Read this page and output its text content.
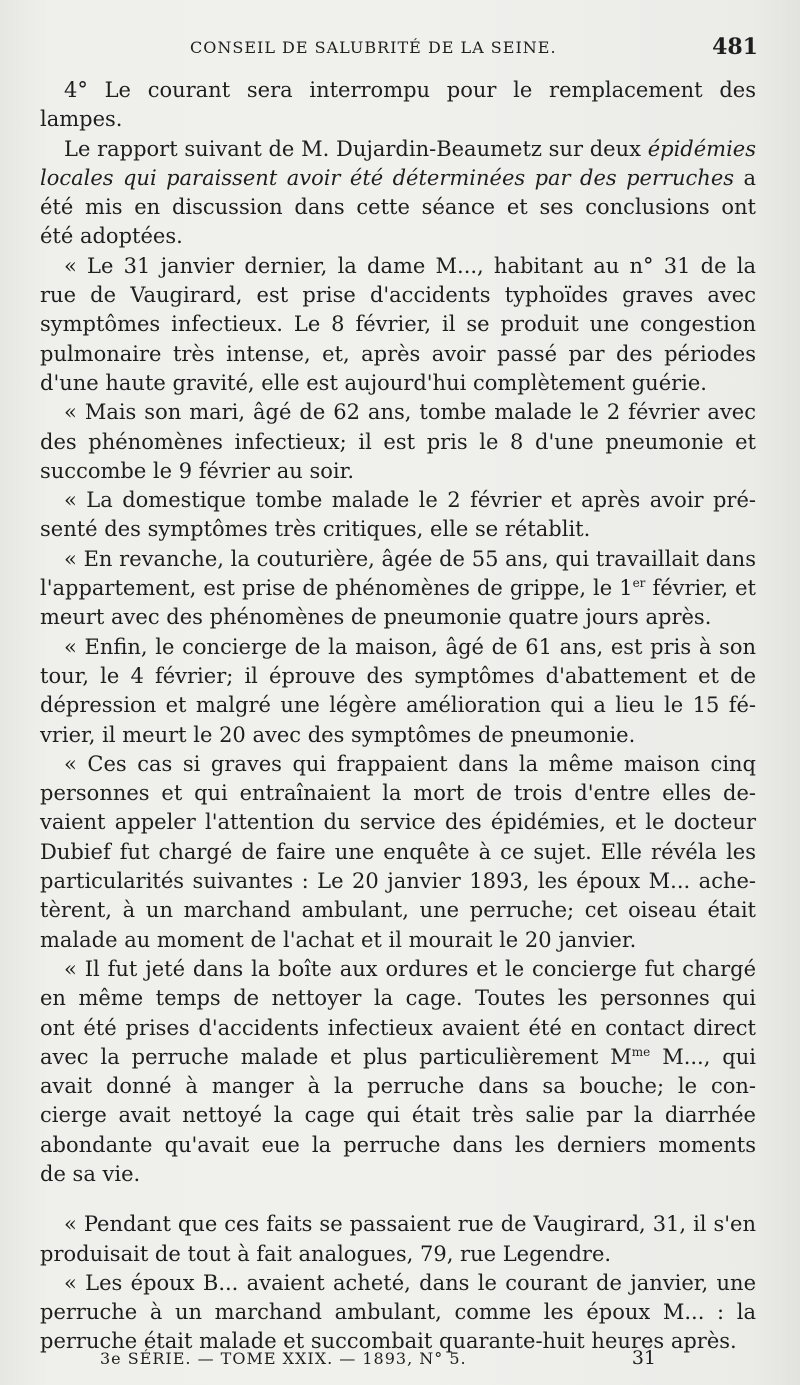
CONSEIL DE SALUBRITÉ DE LA SEINE.	481

4° Le courant sera interrompu pour le remplacement des lampes.

Le rapport suivant de M. Dujardin-Beaumetz sur deux épidémies

locales qui paraissent avoir été déterminées par des perruches a

été mis en discussion dans cette séance et ses conclusions ont

été adoptées.

« Le 31 janvier dernier, la dame M..., habitant au n° 31 de la

rue de Vaugirard, est prise d'accidents typhoïdes graves avec

symptômes infectieux. Le 8 février, il se produit une congestion

pulmonaire très intense, et, après avoir passé par des périodes

d'une haute gravité, elle est aujourd'hui complètement guérie.

« Mais son mari, âgé de 62 ans, tombe malade le 2 février avec

des phénomènes infectieux; il est pris le 8 d'une pneumonie et

succombe le 9 février au soir.

« La domestique tombe malade le 2 février et après avoir pré-

senté des symptômes très critiques, elle se rétablit.

« En revanche, la couturière, âgée de 55 ans, qui travaillait dans

l'appartement, est prise de phénomènes de grippe, le 1er février, et

meurt avec des phénomènes de pneumonie quatre jours après.

« Enfin, le concierge de la maison, âgé de 61 ans, est pris à son

tour, le 4 février; il éprouve des symptômes d'abattement et de

dépression et malgré une légère amélioration qui a lieu le 15 fé-

vrier, il meurt le 20 avec des symptômes de pneumonie.

« Ces cas si graves qui frappaient dans la même maison cinq

personnes et qui entraînaient la mort de trois d'entre elles de-

vaient appeler l'attention du service des épidémies, et le docteur

Dubief fut chargé de faire une enquête à ce sujet. Elle révéla les

particularités suivantes : Le 20 janvier 1893, les époux M... ache-

tèrent, à un marchand ambulant, une perruche; cet oiseau était

malade au moment de l'achat et il mourait le 20 janvier.

« Il fut jeté dans la boîte aux ordures et le concierge fut chargé

en même temps de nettoyer la cage. Toutes les personnes qui

ont été prises d'accidents infectieux avaient été en contact direct

avec la perruche malade et plus particulièrement $M^{me}$ M..., qui

avait donné à manger à la perruche dans sa bouche; le con-

cierge avait nettoyé la cage qui était très salie par la diarrhée

abondante qu'avait eue la perruche dans les derniers moments

de sa vie.

« Pendant que ces faits se passaient rue de Vaugirard, 31, il s'en

produisait de tout à fait analogues, 79, rue Legendre.

« Les époux B... avaient acheté, dans le courant de janvier, une

perruche à un marchand ambulant, comme les époux M... : la

perruche était malade et succombait quarante-huit heures après.

3e SÉRIE. — TOME XXIX. — 1893, N° 5.	31
